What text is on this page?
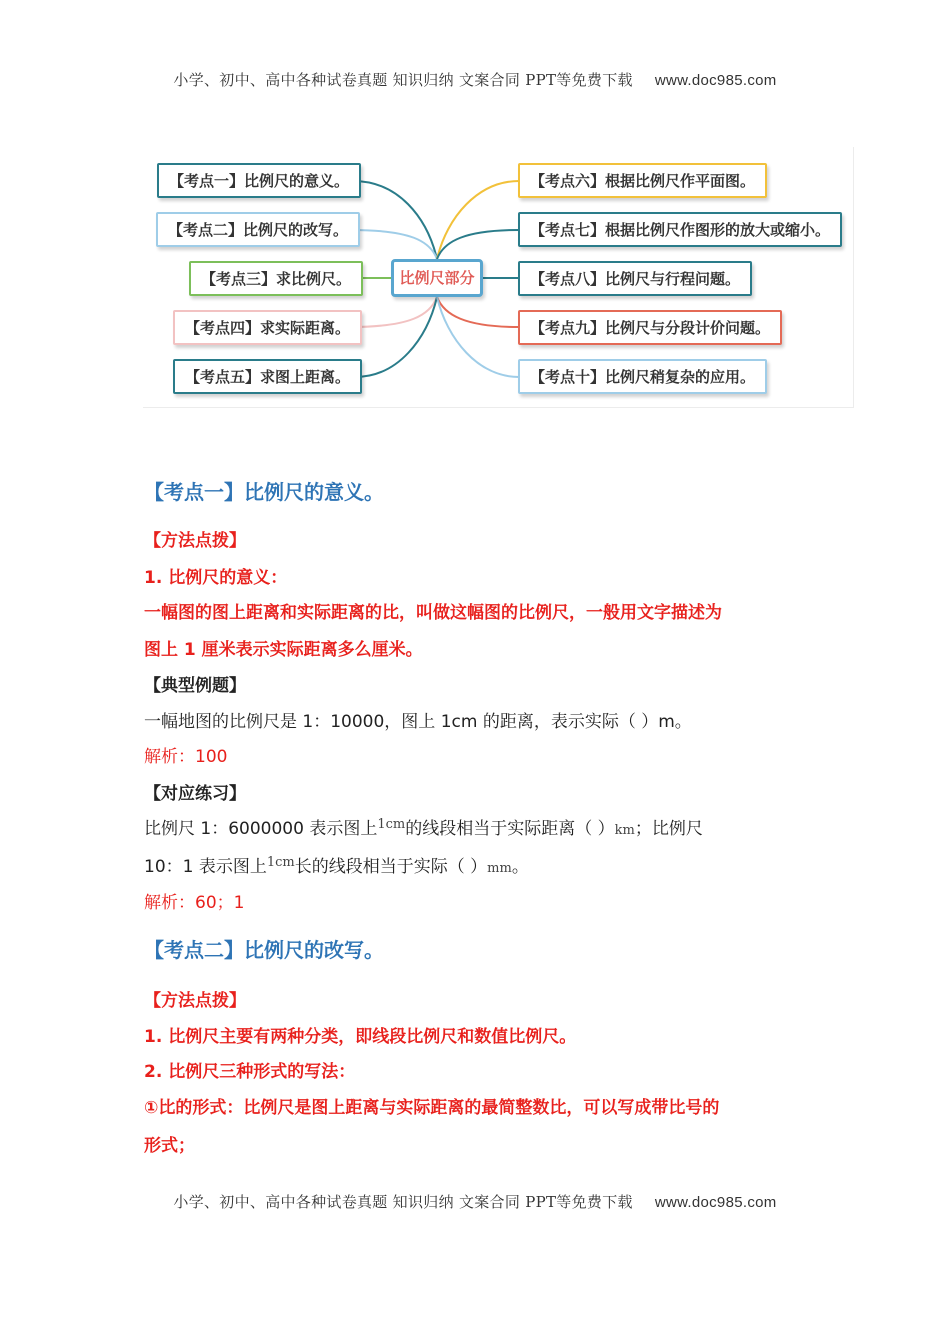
小学、初中、高中各种试卷真题 知识归纳 文案合同 PPT等免费下载 www.doc985.com
比例尺部分
【考点一】比例尺的意义。
【考点二】比例尺的改写。
【考点三】求比例尺。
【考点四】求实际距离。
【考点五】求图上距离。
【考点六】根据比例尺作平面图。
【考点七】根据比例尺作图形的放大或缩小。
【考点八】比例尺与行程问题。
【考点九】比例尺与分段计价问题。
【考点十】比例尺稍复杂的应用。
【考点一】比例尺的意义。
【方法点拨】
1. 比例尺的意义：
一幅图的图上距离和实际距离的比，叫做这幅图的比例尺，一般用文字描述为
图上 1 厘米表示实际距离多么厘米。
【典型例题】
一幅地图的比例尺是 1：10000，图上 1cm 的距离，表示实际（ ）m。
解析：100
【对应练习】
比例尺 1：6000000 表示图上$^{1cm}$的线段相当于实际距离（ ）km；比例尺
10：1 表示图上$^{1cm}$长的线段相当于实际（ ）mm。
解析：60；1
【考点二】比例尺的改写。
【方法点拨】
1. 比例尺主要有两种分类，即线段比例尺和数值比例尺。
2. 比例尺三种形式的写法：
①比的形式：比例尺是图上距离与实际距离的最简整数比，可以写成带比号的
形式；
小学、初中、高中各种试卷真题 知识归纳 文案合同 PPT等免费下载 www.doc985.com
